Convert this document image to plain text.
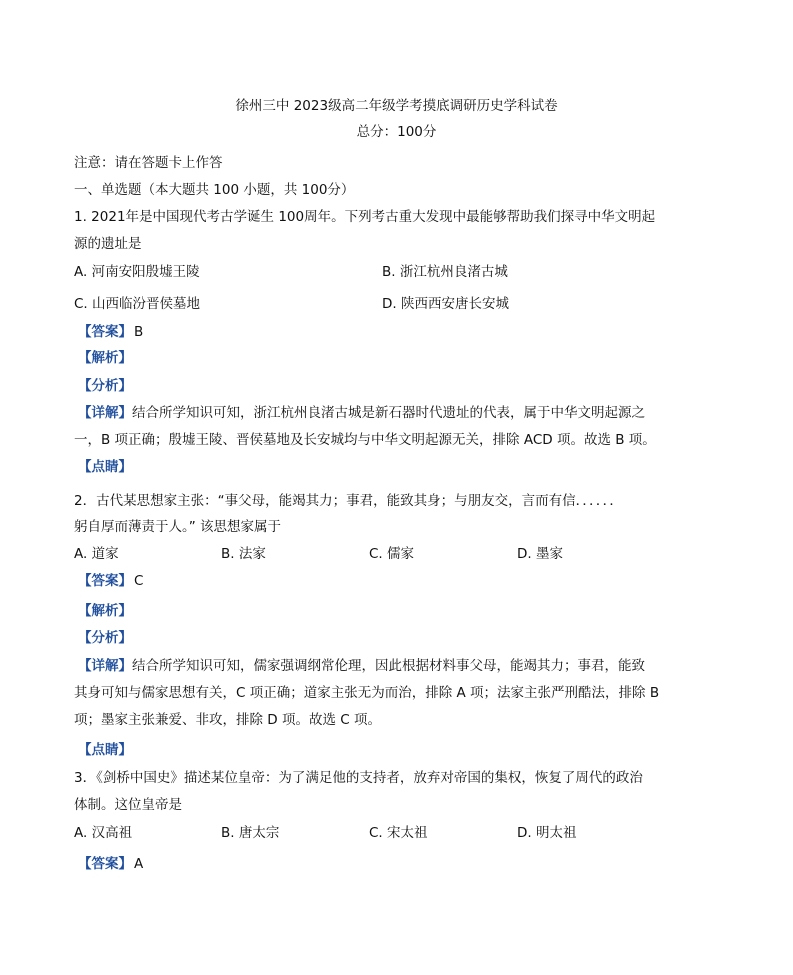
徐州三中 2023级高二年级学考摸底调研历史学科试卷
总分：100分
注意：请在答题卡上作答
一、单选题（本大题共 100 小题，共 100分）
1. 2021年是中国现代考古学诞生 100周年。下列考古重大发现中最能够帮助我们探寻中华文明起
源的遗址是
A. 河南安阳殷墟王陵	B. 浙江杭州良渚古城
C. 山西临汾晋侯墓地	D. 陕西西安唐长安城
【答案】 B
【解析】
【分析】
【详解】结合所学知识可知，浙江杭州良渚古城是新石器时代遗址的代表，属于中华文明起源之
一，B 项正确；殷墟王陵、晋侯墓地及长安城均与中华文明起源无关，排除 ACD 项。故选 B 项。
【点睛】
2．古代某思想家主张：“事父母，能竭其力；事君，能致其身；与朋友交，言而有信．．．．．．
躬自厚而薄责于人。” 该思想家属于
A. 道家	B. 法家	C. 儒家	D. 墨家
【答案】 C
【解析】
【分析】
【详解】结合所学知识可知，儒家强调纲常伦理，因此根据材料事父母，能竭其力；事君，能致
其身可知与儒家思想有关，C 项正确；道家主张无为而治，排除 A 项；法家主张严刑酷法，排除 B
项；墨家主张兼爱、非攻，排除 D 项。故选 C 项。
【点睛】
3．《剑桥中国史》描述某位皇帝：为了满足他的支持者，放弃对帝国的集权，恢复了周代的政治
体制。这位皇帝是
A. 汉高祖	B. 唐太宗	C. 宋太祖	D. 明太祖
【答案】 A
